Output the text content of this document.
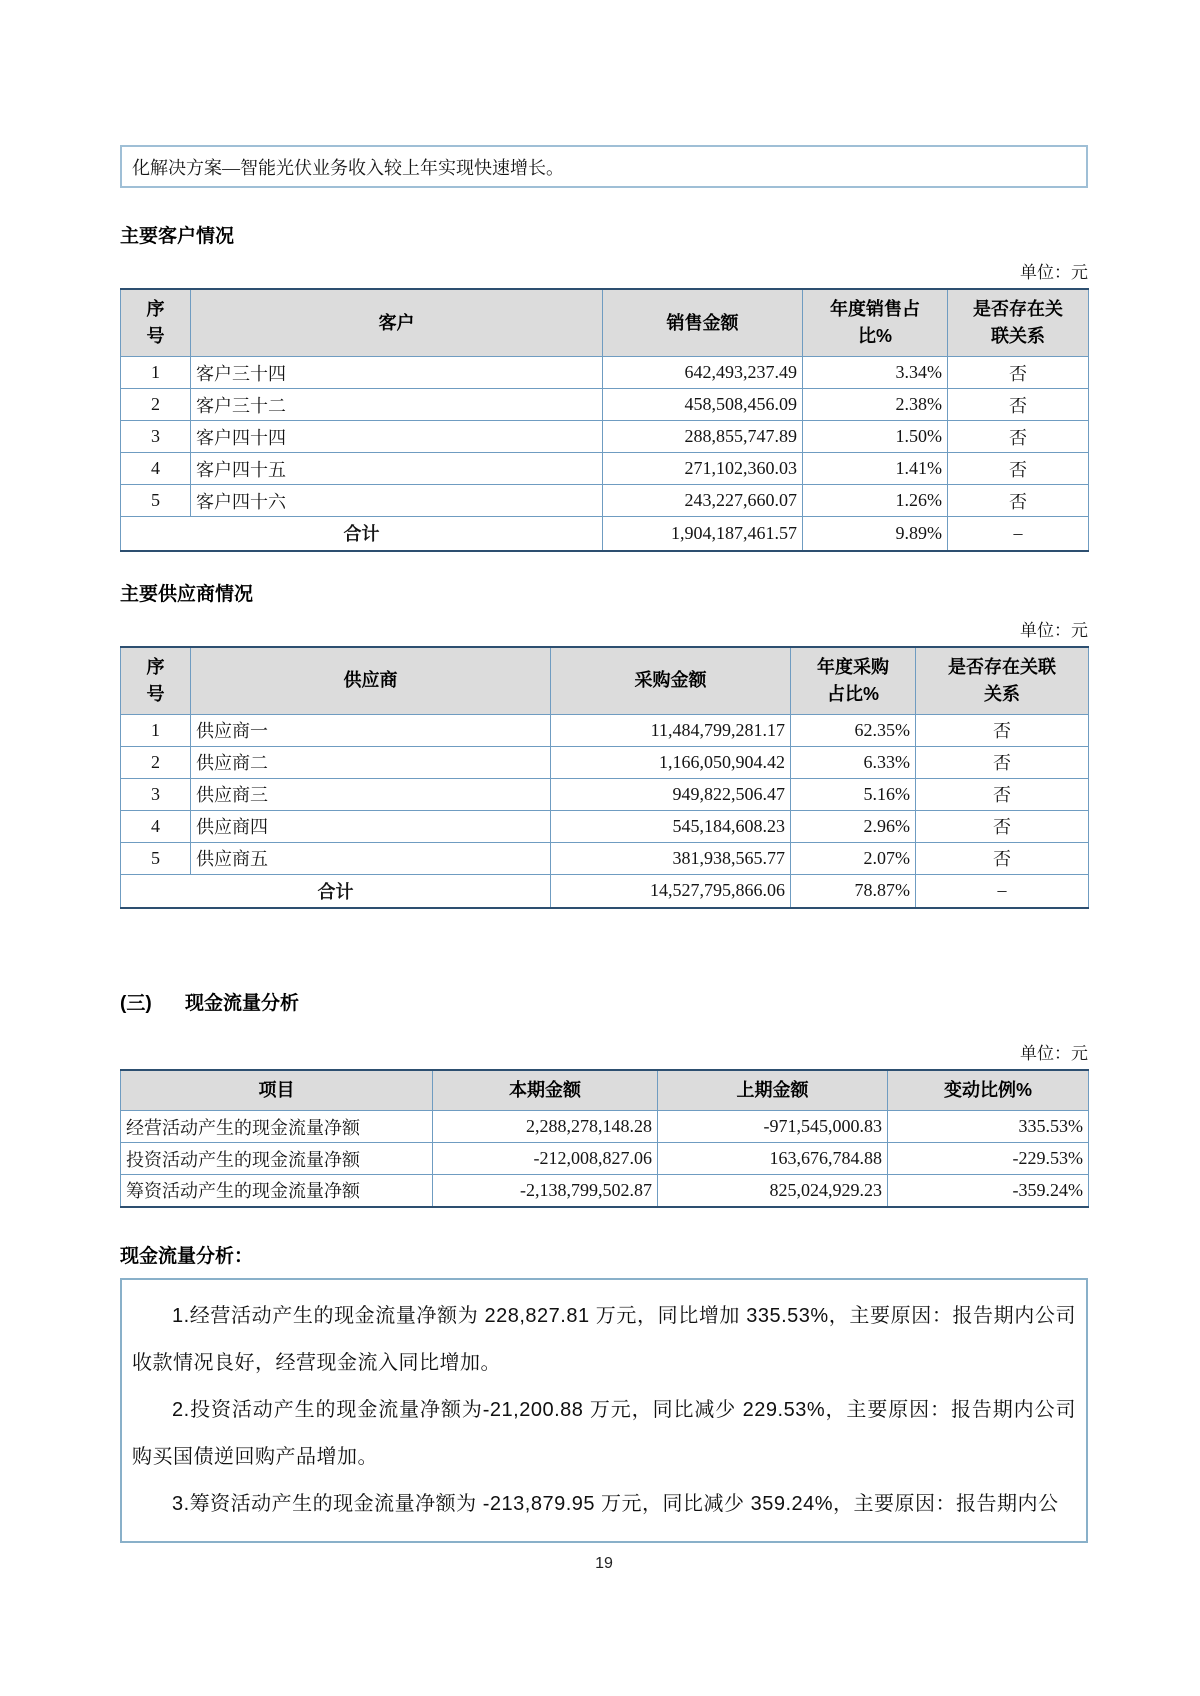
化解决方案—智能光伏业务收入较上年实现快速增长。
主要客户情况
单位：元
序号	客户	销售金额	年度销售占比%	是否存在关联关系

1	客户三十四	642,493,237.49	3.34%	否
2	客户三十二	458,508,456.09	2.38%	否
3	客户四十四	288,855,747.89	1.50%	否
4	客户四十五	271,102,360.03	1.41%	否
5	客户四十六	243,227,660.07	1.26%	否
合计		1,904,187,461.57	9.89%	–
主要供应商情况
单位：元
序号	供应商	采购金额	年度采购占比%	是否存在关联关系

1	供应商一	11,484,799,281.17	62.35%	否
2	供应商二	1,166,050,904.42	6.33%	否
3	供应商三	949,822,506.47	5.16%	否
4	供应商四	545,184,608.23	2.96%	否
5	供应商五	381,938,565.77	2.07%	否
合计		14,527,795,866.06	78.87%	–
(三) 现金流量分析
单位：元
项目	本期金额	上期金额	变动比例%
经营活动产生的现金流量净额	2,288,278,148.28	-971,545,000.83	335.53%
投资活动产生的现金流量净额	-212,008,827.06	163,676,784.88	-229.53%
筹资活动产生的现金流量净额	-2,138,799,502.87	825,024,929.23	-359.24%
现金流量分析：

1.经营活动产生的现金流量净额为 228,827.81 万元，同比增加 335.53%，主要原因：报告期内公司收款情况良好，经营现金流入同比增加。

2.投资活动产生的现金流量净额为-21,200.88 万元，同比减少 229.53%，主要原因：报告期内公司购买国债逆回购产品增加。

3.筹资活动产生的现金流量净额为 -213,879.95 万元，同比减少 359.24%，主要原因：报告期内公

19
